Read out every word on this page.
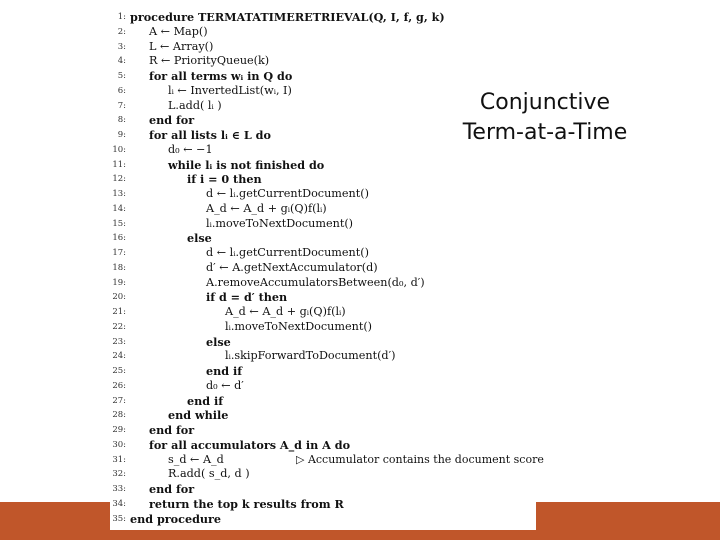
1: procedure TERMATATIMERETRIEVAL(Q, I, f, g, k)
2: A ← Map()
3: L ← Array()
4: R ← PriorityQueue(k)
5: for all terms wᵢ in Q do
6:	lᵢ ← InvertedList(wᵢ, I)
7:	L.add( lᵢ )
8: end for
9: for all lists lᵢ ∈ L do
10:	d₀ ← −1
11:	while lᵢ is not finished do
12:	if i = 0 then
13:	d ← lᵢ.getCurrentDocument()
14:	A_d ← A_d + gᵢ(Q)f(lᵢ)
15:	lᵢ.moveToNextDocument()
16:	else
17:	d ← lᵢ.getCurrentDocument()
18:	d′ ← A.getNextAccumulator(d)
19:	A.removeAccumulatorsBetween(d₀, d′)
20:	if d = d′ then
21:	A_d ← A_d + gᵢ(Q)f(lᵢ)
22:	lᵢ.moveToNextDocument()
23:	else
24:	lᵢ.skipForwardToDocument(d′)
25:	end if
26:	d₀ ← d′
27:	end if
28:	end while
29: end for
30: for all accumulators A_d in A do
31:	s_d ← A_d	▷ Accumulator contains the document score
32:	R.add( s_d, d )
33: end for
34: return the top k results from R
35: end procedure
Conjunctive
Term-at-a-Time
